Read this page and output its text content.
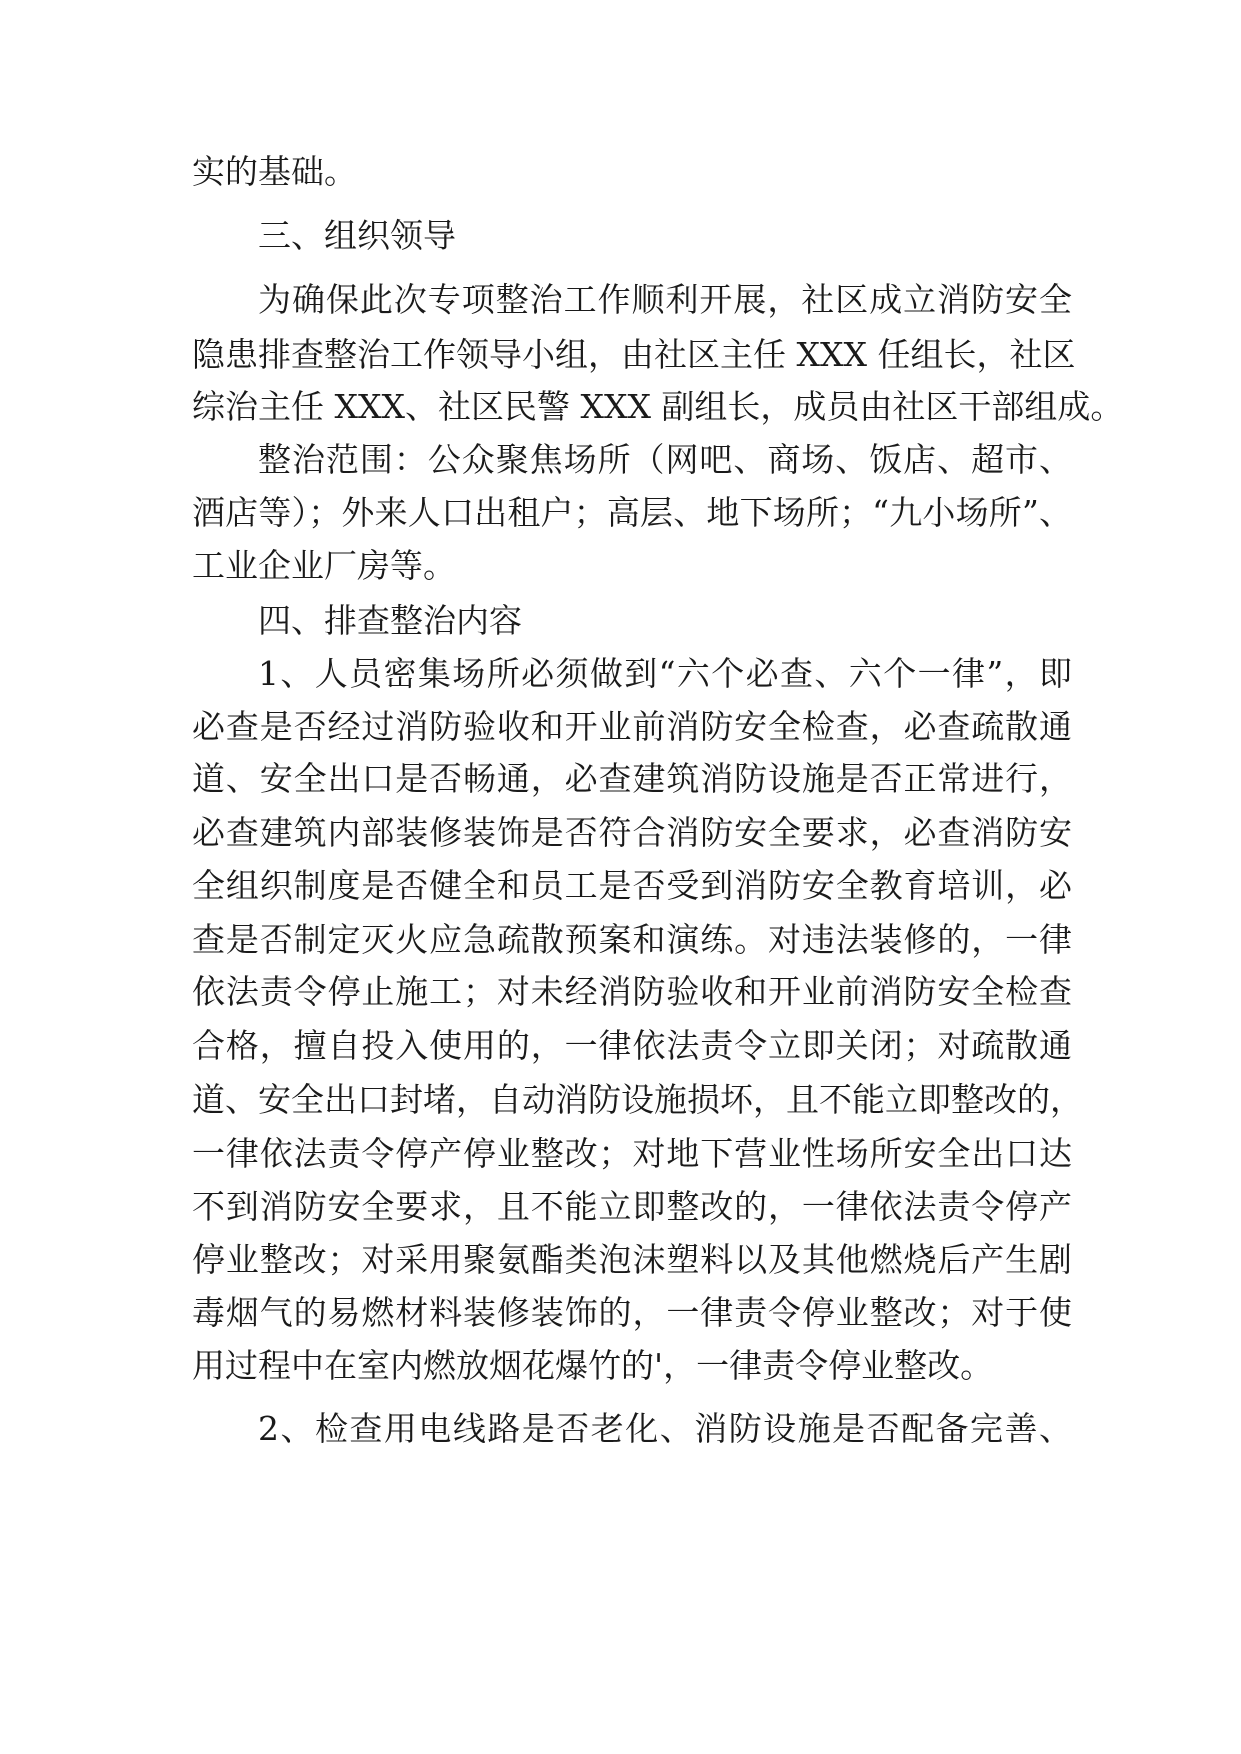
实的基础。
三、组织领导
为确保此次专项整治工作顺利开展，社区成立消防安全
隐患排查整治工作领导小组，由社区主任 XXX 任组长，社区
综治主任 XXX、社区民警 XXX 副组长，成员由社区干部组成。
整治范围：公众聚焦场所（网吧、商场、饭店、超市、
酒店等）；外来人口出租户；高层、地下场所；“九小场所”、
工业企业厂房等。
四、排查整治内容
1、人员密集场所必须做到“六个必查、六个一律”，即
必查是否经过消防验收和开业前消防安全检查，必查疏散通
道、安全出口是否畅通，必查建筑消防设施是否正常进行，
必查建筑内部装修装饰是否符合消防安全要求，必查消防安
全组织制度是否健全和员工是否受到消防安全教育培训，必
查是否制定灭火应急疏散预案和演练。对违法装修的，一律
依法责令停止施工；对未经消防验收和开业前消防安全检查
合格，擅自投入使用的，一律依法责令立即关闭；对疏散通
道、安全出口封堵，自动消防设施损坏，且不能立即整改的，
一律依法责令停产停业整改；对地下营业性场所安全出口达
不到消防安全要求，且不能立即整改的，一律依法责令停产
停业整改；对采用聚氨酯类泡沫塑料以及其他燃烧后产生剧
毒烟气的易燃材料装修装饰的，一律责令停业整改；对于使
用过程中在室内燃放烟花爆竹的'，一律责令停业整改。
2、检查用电线路是否老化、消防设施是否配备完善、
